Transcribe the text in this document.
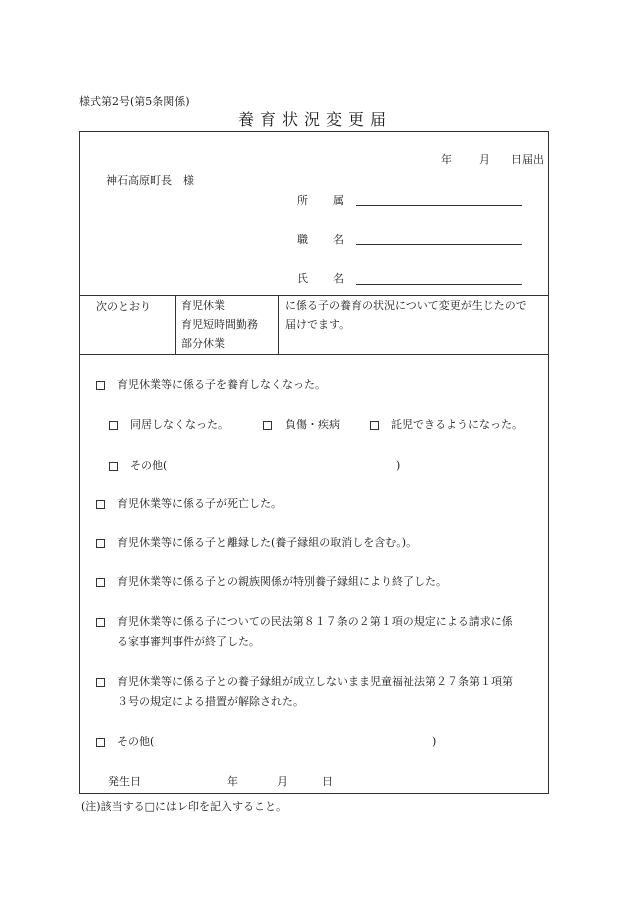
様式第2号(第5条関係)
養育状況変更届
年 月 日届出
神石高原町長　様
所 属
職 名
氏 名
次のとおり	育児休業
育児短時間勤務
部分休業
に係る子の養育の状況について変更が生じたので
届けでます。
育児休業等に係る子を養育しなくなった。
同居しなくなった。	負傷・疾病	託児できるようになった。
その他(	)
育児休業等に係る子が死亡した。
育児休業等に係る子と離縁した(養子縁組の取消しを含む。)。
育児休業等に係る子との親族関係が特別養子縁組により終了した。
育児休業等に係る子についての民法第８１７条の２第１項の規定による請求に係
る家事審判事件が終了した。
育児休業等に係る子との養子縁組が成立しないまま児童福祉法第２７条第１項第
３号の規定による措置が解除された。
その他(	)
発生日	年	月	日
(注)該当する□にはレ印を記入すること。
